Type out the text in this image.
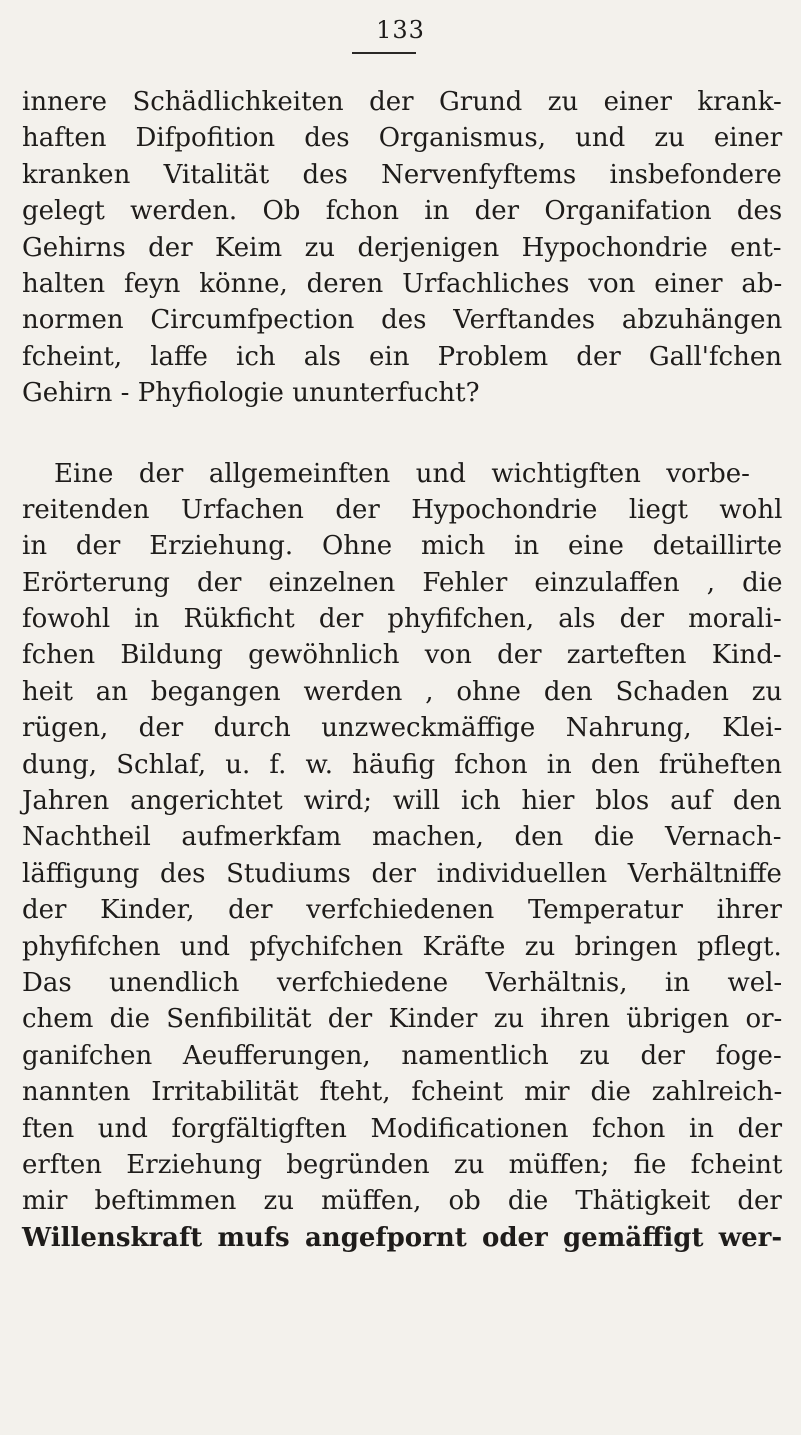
133
innere Schädlichkeiten der Grund zu einer krank-
haften Difpofition des Organismus, und zu einer
kranken Vitalität des Nervenfyftems insbefondere
gelegt werden. Ob fchon in der Organifation des
Gehirns der Keim zu derjenigen Hypochondrie ent-
halten feyn könne, deren Urfachliches von einer ab-
normen Circumfpection des Verftandes abzuhängen
fcheint, laffe ich als ein Problem der Gall'fchen
Gehirn - Phyfiologie ununterfucht?
Eine der allgemeinften und wichtigften vorbe-
reitenden Urfachen der Hypochondrie liegt wohl
in der Erziehung. Ohne mich in eine detaillirte
Erörterung der einzelnen Fehler einzulaffen , die
fowohl in Rükficht der phyfifchen, als der morali-
fchen Bildung gewöhnlich von der zarteften Kind-
heit an begangen werden , ohne den Schaden zu
rügen, der durch unzweckmäffige Nahrung, Klei-
dung, Schlaf, u. f. w. häufig fchon in den früheften
Jahren angerichtet wird; will ich hier blos auf den
Nachtheil aufmerkfam machen, den die Vernach-
läffigung des Studiums der individuellen Verhältniffe
der Kinder, der verfchiedenen Temperatur ihrer
phyfifchen und pfychifchen Kräfte zu bringen pflegt.
Das unendlich verfchiedene Verhältnis, in wel-
chem die Senfibilität der Kinder zu ihren übrigen or-
ganifchen Aeufferungen, namentlich zu der foge-
nannten Irritabilität fteht, fcheint mir die zahlreich-
ften und forgfältigften Modificationen fchon in der
erften Erziehung begründen zu müffen; fie fcheint
mir beftimmen zu müffen, ob die Thätigkeit der
Willenskraft mufs angefpornt oder gemäffigt wer-
